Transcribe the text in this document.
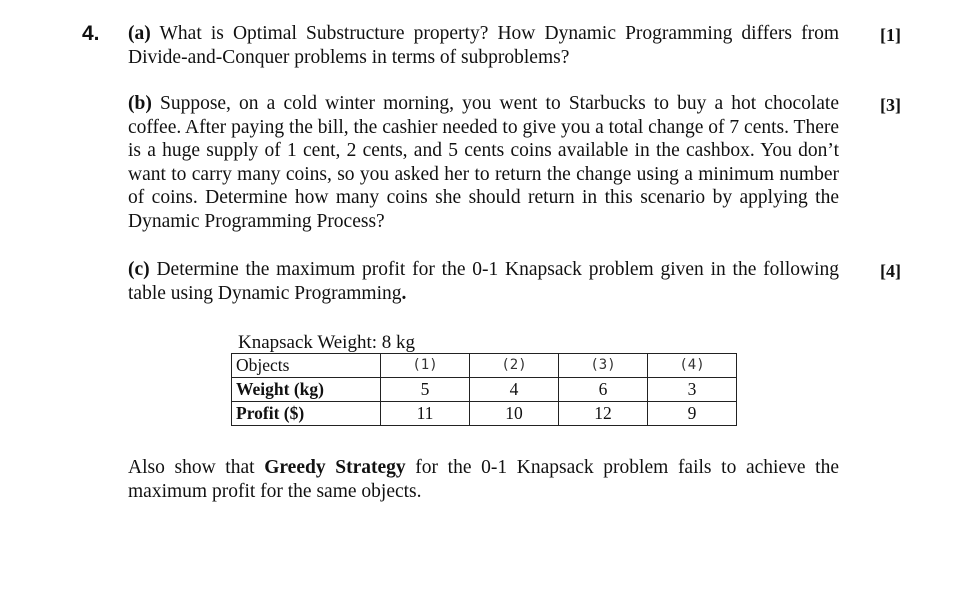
4. (a) What is Optimal Substructure property? How Dynamic Programming differs from Divide-and-Conquer problems in terms of subproblems?
[1]
(b) Suppose, on a cold winter morning, you went to Starbucks to buy a hot chocolate coffee. After paying the bill, the cashier needed to give you a total change of 7 cents. There is a huge supply of 1 cent, 2 cents, and 5 cents coins available in the cashbox. You don’t want to carry many coins, so you asked her to return the change using a minimum number of coins. Determine how many coins she should return in this scenario by applying the Dynamic Programming Process?
[3]
(c) Determine the maximum profit for the 0-1 Knapsack problem given in the following table using Dynamic Programming.
[4]
Knapsack Weight: 8 kg
Objects	(1)	(2)	(3)	(4)
Weight (kg)	5	4	6	3
Profit ($)	11	10	12	9
Also show that Greedy Strategy for the 0-1 Knapsack problem fails to achieve the maximum profit for the same objects.
